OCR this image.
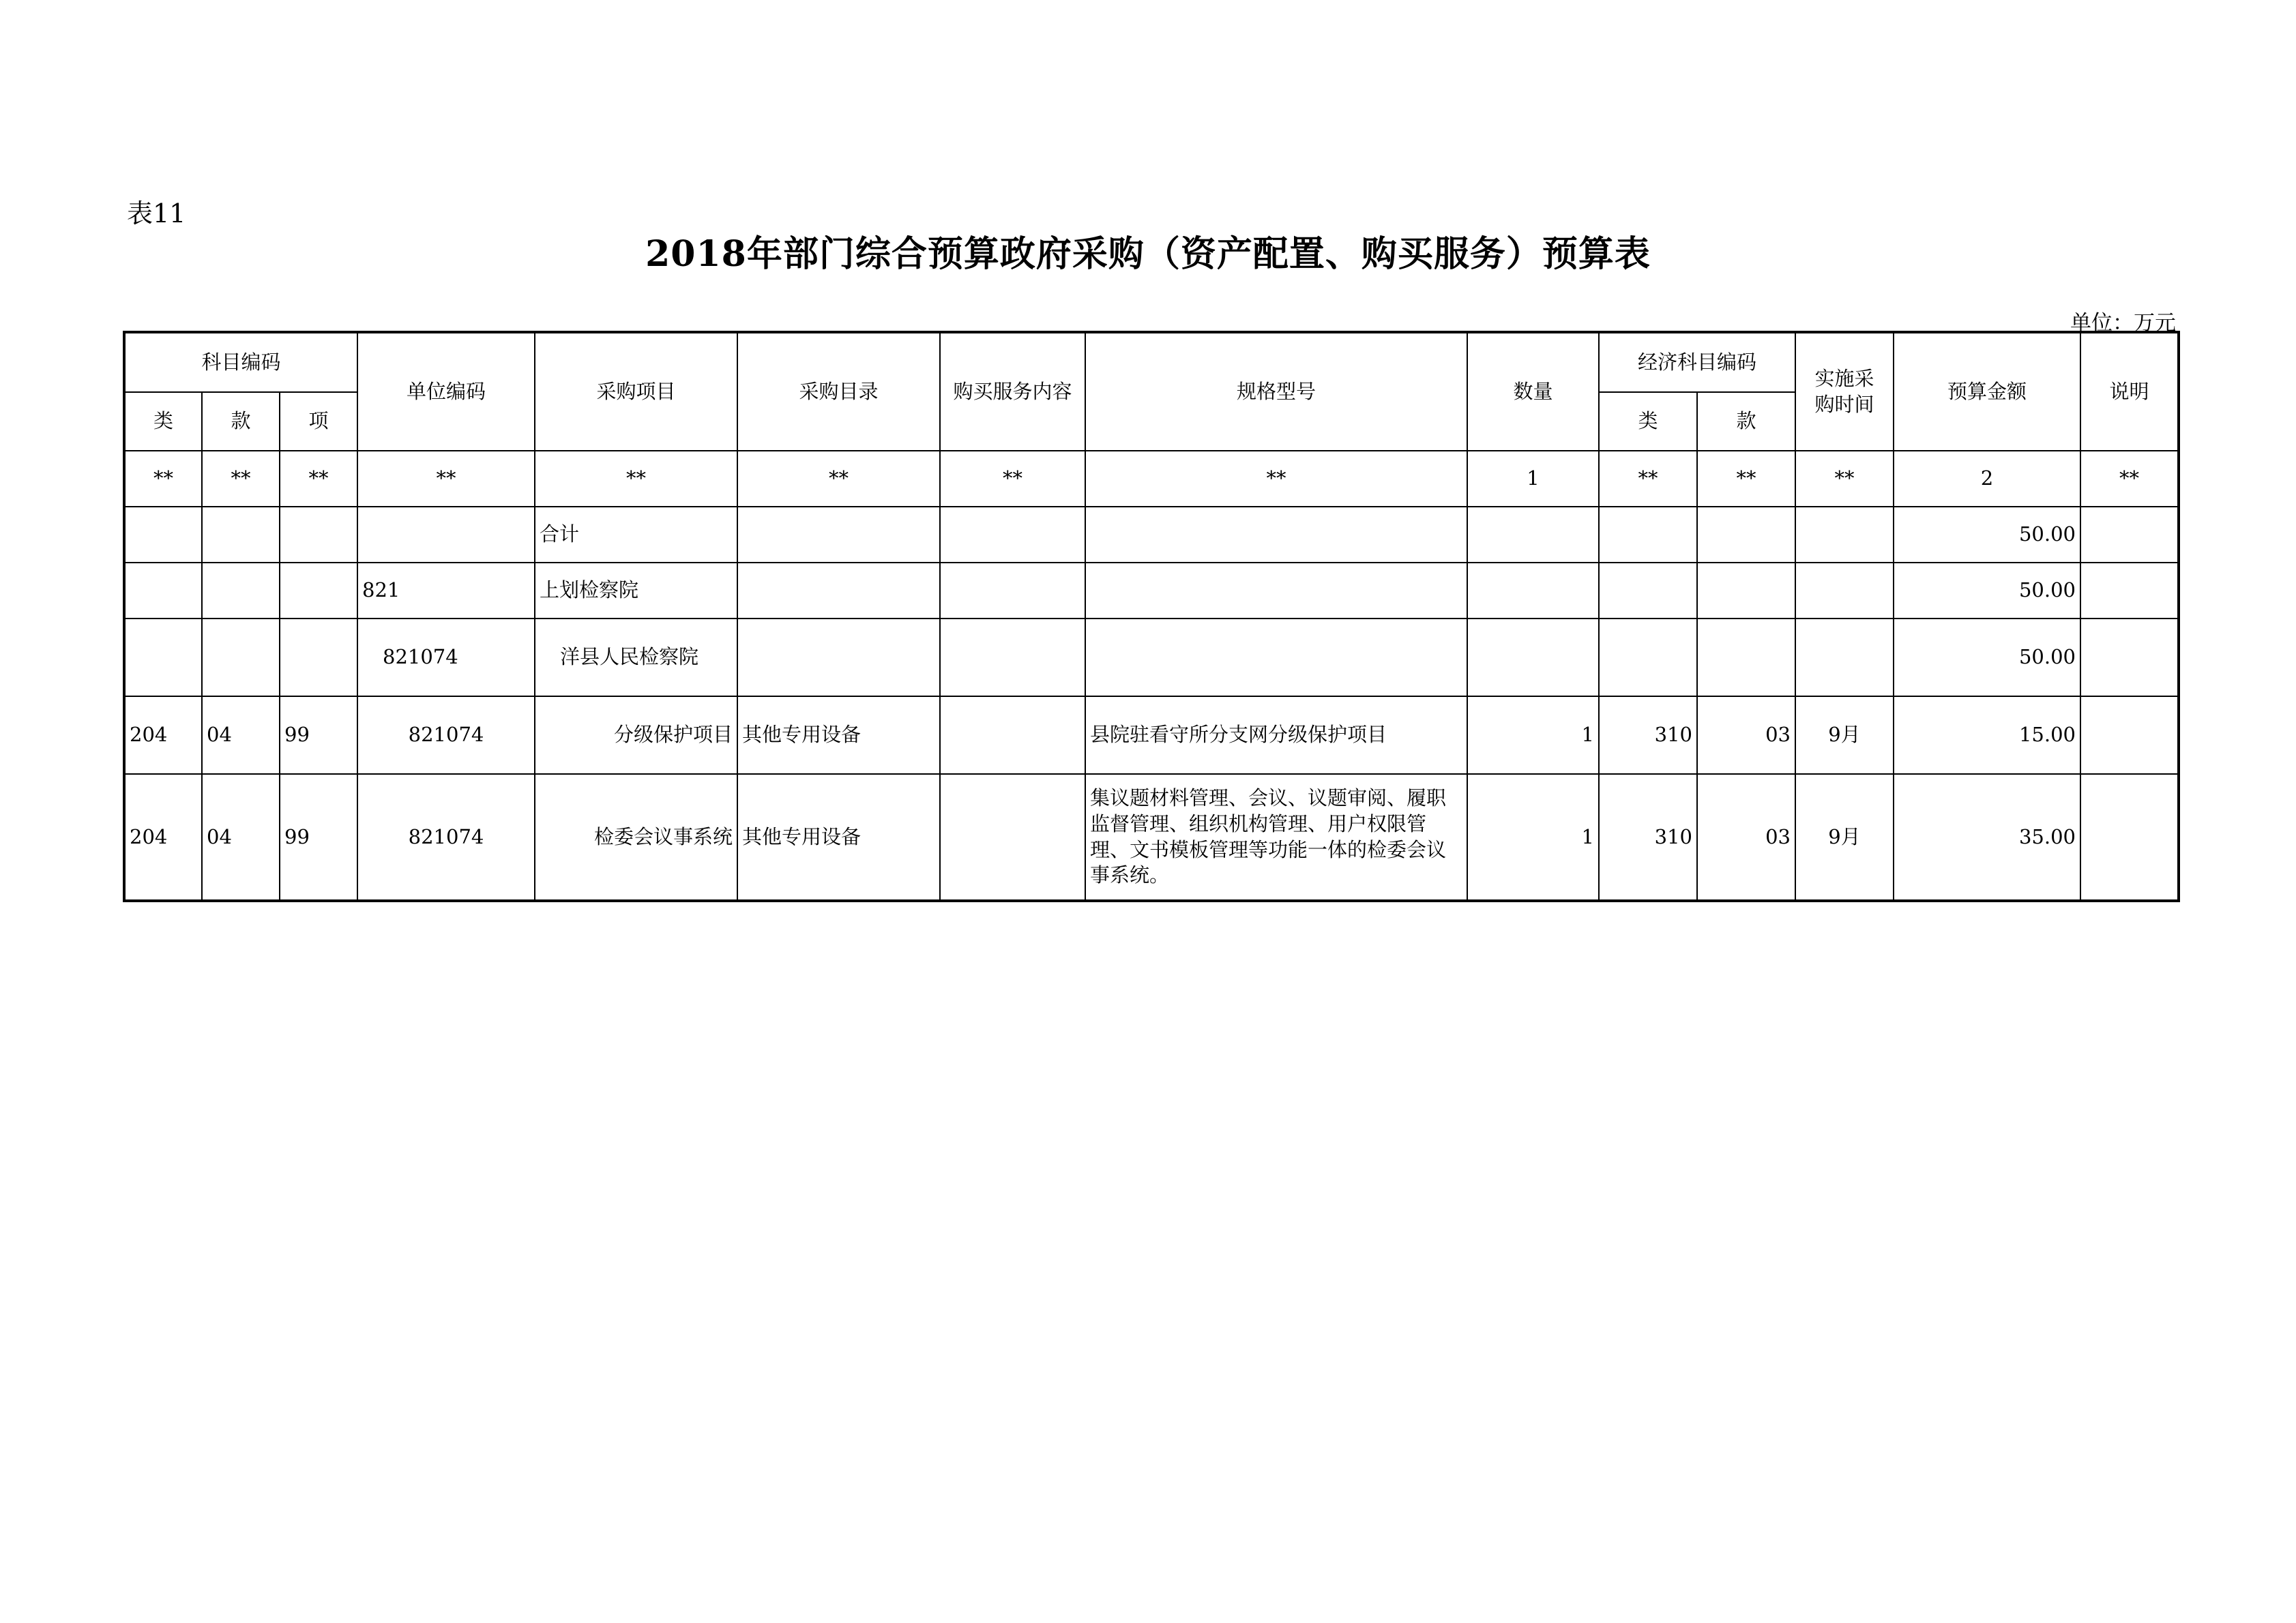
表11
2018年部门综合预算政府采购（资产配置、购买服务）预算表
单位：万元
科目编码			单位编码	采购项目	采购目录	购买服务内容	规格型号	数量	经济科目编码		实施采购时间	预算金额	说明
类	款	项							类	款			
**	**	**	**	**	**	**	**	1	**	**	**	2	**
				合计								50.00	
			821	上划检察院								50.00	
			821074	洋县人民检察院								50.00	
204	04	99	821074	分级保护项目	其他专用设备		县院驻看守所分支网分级保护项目	1	310	03	9月	15.00	
204	04	99	821074	检委会议事系统	其他专用设备		集议题材料管理、会议、议题审阅、履职监督管理、组织机构管理、用户权限管理、文书模板管理等功能一体的检委会议事系统。	1	310	03	9月	35.00	
